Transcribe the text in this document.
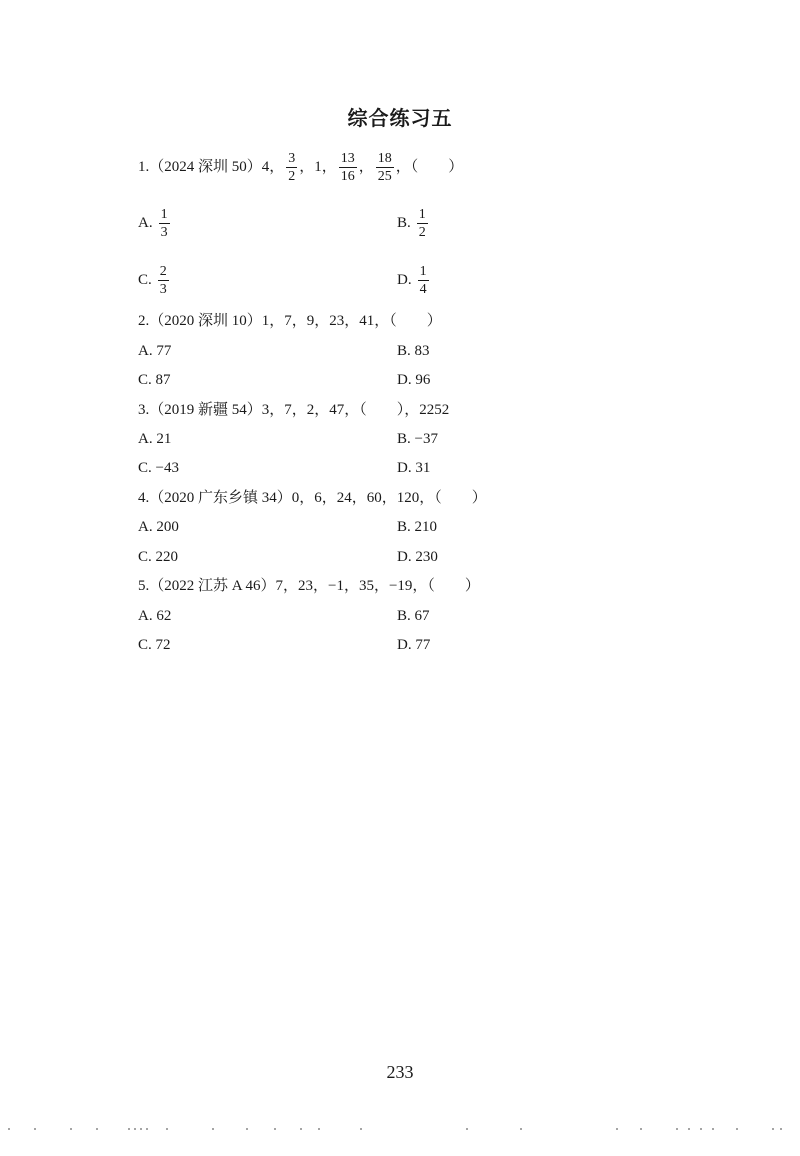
综合练习五
1.（2024 深圳 50）4， $\frac{3}{2}$ ，1， $\frac{13}{16}$ ， $\frac{18}{25}$ ，（　　）
A. $\frac{1}{3}$	B. $\frac{1}{2}$
C. $\frac{2}{3}$	D. $\frac{1}{4}$
2.（2020 深圳 10）1，7，9，23，41，（　　）
A. 77	B. 83
C. 87	D. 96
3.（2019 新疆 54）3，7，2，47，（　　），2252
A. 21	B. −37
C. −43	D. 31
4.（2020 广东乡镇 34）0，6，24，60，120，（　　）
A. 200	B. 210
C. 220	D. 230
5.（2022 江苏 A 46）7，23，−1，35，−19，（　　）
A. 62	B. 67
C. 72	D. 77
233
